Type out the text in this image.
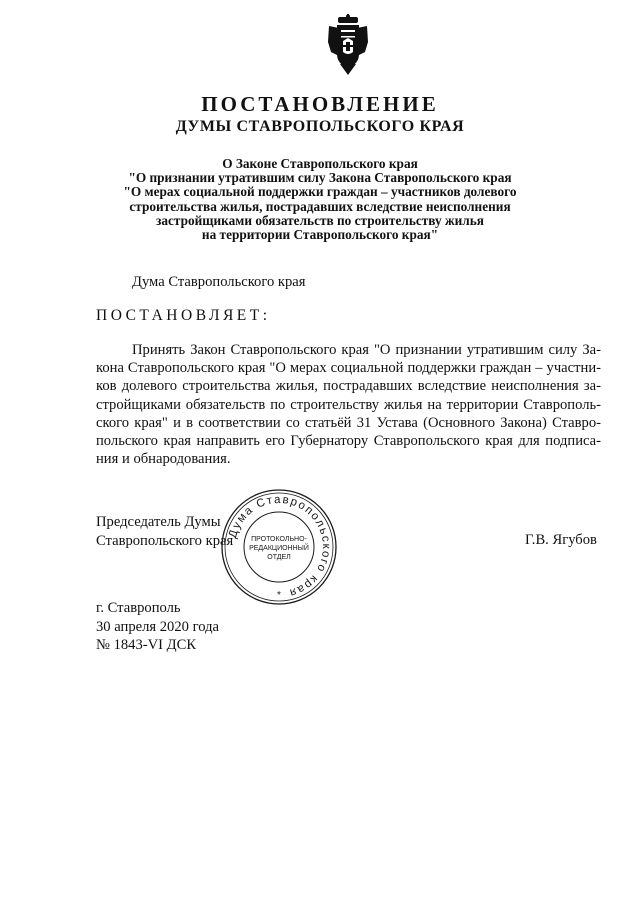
ПОСТАНОВЛЕНИЕ
ДУМЫ СТАВРОПОЛЬСКОГО КРАЯ
О Законе Ставропольского края
"О признании утратившим силу Закона Ставропольского края
"О мерах социальной поддержки граждан – участников долевого
строительства жилья, пострадавших вследствие неисполнения
застройщиками обязательств по строительству жилья
на территории Ставропольского края"
Дума Ставропольского края
ПОСТАНОВЛЯЕТ:
Принять Закон Ставропольского края "О признании утратившим силу За-
кона Ставропольского края "О мерах социальной поддержки граждан – участни-
ков долевого строительства жилья, пострадавших вследствие неисполнения за-
стройщиками обязательств по строительству жилья на территории Ставрополь-
ского края" и в соответствии со статьёй 31 Устава (Основного Закона) Ставро-
польского края направить его Губернатору Ставропольского края для подписа-
ния и обнародования.
Председатель Думы
Ставропольского края	Г.В. Ягубов
Дума Ставропольского края
ПРОТОКОЛЬНО-
РЕДАКЦИОННЫЙ
ОТДЕЛ
*
г. Ставрополь
30 апреля 2020 года
№ 1843-VI ДСК
